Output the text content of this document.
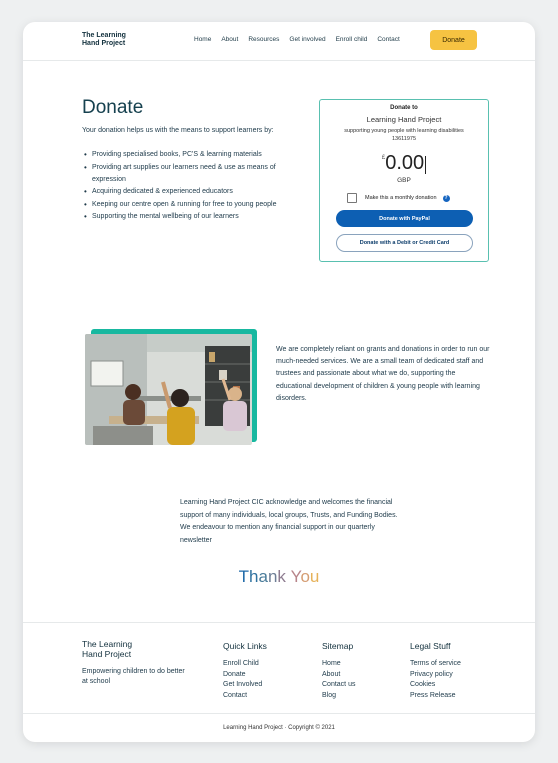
The Learning
Hand Project
Home About Resources Get involved Enroll child Contact	Donate
Donate
Your donation helps us with the means to support learners by:
• Providing specialised books, PC'S & learning materials
• Providing art supplies our learners need & use as means of expression
• Acquiring dedicated & experienced educators
• Keeping our centre open & running for free to young people
• Supporting the mental wellbeing of our learners
Donate to
Learning Hand Project
supporting young people with learning disabilities
13611975
£0.00
GBP
Make this a monthly donation	?
Donate with PayPal
Donate with a Debit or Credit Card
We are completely reliant on grants and donations in order to run our much-needed services. We are a small team of dedicated staff and trustees and passionate about what we do, supporting the educational development of children & young people with learning disorders.
Learning Hand Project CIC acknowledge and welcomes the financial support of many individuals, local groups, Trusts, and Funding Bodies. We endeavour to mention any financial support in our quarterly newsletter
Thank You
The Learning
Hand Project
Empowering children to do better at school
Quick Links
Enroll Child
Donate
Get Involved
Contact
Sitemap
Home
About
Contact us
Blog
Legal Stuff
Terms of service
Privacy policy
Cookies
Press Release
Learning Hand Project · Copyright © 2021
